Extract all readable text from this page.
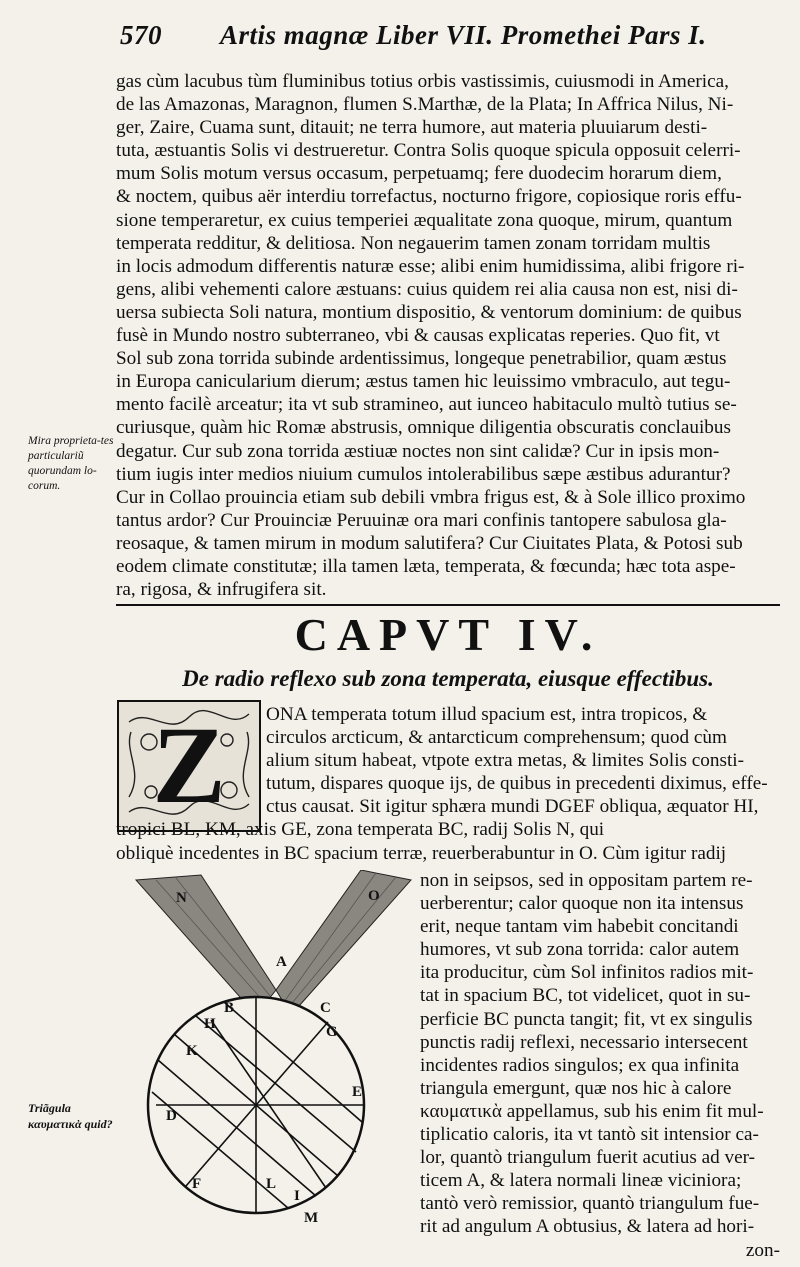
570 Artis magnæ Liber VII. Promethei Pars I.
gas cùm lacubus tùm fluminibus totius orbis vastissimis, cuiusmodi in America,
de las Amazonas, Maragnon, flumen S.Marthæ, de la Plata; In Affrica Nilus, Ni-
ger, Zaire, Cuama sunt, ditauit; ne terra humore, aut materia pluuiarum desti-
tuta, æstuantis Solis vi destrueretur. Contra Solis quoque spicula opposuit celerri-
mum Solis motum versus occasum, perpetuamq; fere duodecim horarum diem,
& noctem, quibus aër interdiu torrefactus, nocturno frigore, copiosique roris effu-
sione temperaretur, ex cuius temperiei æqualitate zona quoque, mirum, quantum
temperata redditur, & delitiosa. Non negauerim tamen zonam torridam multis
in locis admodum differentis naturæ esse; alibi enim humidissima, alibi frigore ri-
gens, alibi vehementi calore æstuans: cuius quidem rei alia causa non est, nisi di-
uersa subiecta Soli natura, montium dispositio, & ventorum dominium: de quibus
fusè in Mundo nostro subterraneo, vbi & causas explicatas reperies. Quo fit, vt
Sol sub zona torrida subinde ardentissimus, longeque penetrabilior, quam æstus
in Europa canicularium dierum; æstus tamen hic leuissimo vmbraculo, aut tegu-
mento facilè arceatur; ita vt sub stramineo, aut iunceo habitaculo multò tutius se-
curiusque, quàm hic Romæ abstrusis, omnique diligentia obscuratis conclauibus
degatur. Cur sub zona torrida æstiuæ noctes non sint calidæ? Cur in ipsis mon-
tium iugis inter medios niuium cumulos intolerabilibus sæpe æstibus adurantur?
Cur in Collao prouincia etiam sub debili vmbra frigus est, & à Sole illico proximo
tantus ardor? Cur Prouinciæ Peruuinæ ora mari confinis tantopere sabulosa gla-
reosaque, & tamen mirum in modum salutifera? Cur Ciuitates Plata, & Potosi sub
eodem climate constitutæ; illa tamen læta, temperata, & fœcunda; hæc tota aspe-
ra, rigosa, & infrugifera sit.
Mira proprieta-tes particulariũ quorundam lo-corum.
CAPVT IV.
De radio reflexo sub zona temperata, eiusque effectibus.
Z	ONA temperata totum illud spacium est, intra tropicos, &
circulos arcticum, & antarcticum comprehensum; quod cùm
alium situm habeat, vtpote extra metas, & limites Solis consti-
tutum, dispares quoque ijs, de quibus in precedenti diximus, effe-
ctus causat. Sit igitur sphæra mundi DGEF obliqua, æquator HI,
tropici BL, KM, axis GE, zona temperata BC, radij Solis N, qui
obliquè incedentes in BC spacium terræ, reuerberabuntur in O. Cùm igitur radij
N	O
A
B	C
G
H
K
D
E
F
I
L
M
non in seipsos, sed in oppositam partem re-
uerberentur; calor quoque non ita intensus
erit, neque tantam vim habebit concitandi
humores, vt sub zona torrida: calor autem
ita producitur, cùm Sol infinitos radios mit-
tat in spacium BC, tot videlicet, quot in su-
perficie BC puncta tangit; fit, vt ex singulis
punctis radij reflexi, necessario intersecent
incidentes radios singulos; ex qua infinita
triangula emergunt, quæ nos hic à calore
καυματικὰ appellamus, sub his enim fit mul-
tiplicatio caloris, ita vt tantò sit intensior ca-
lor, quantò triangulum fuerit acutius ad ver-
ticem A, & latera normali lineæ viciniora;
tantò verò remissior, quantò triangulum fue-
rit ad angulum A obtusius, & latera ad hori-
zon-
Triãgula καυματικὰ quid?
